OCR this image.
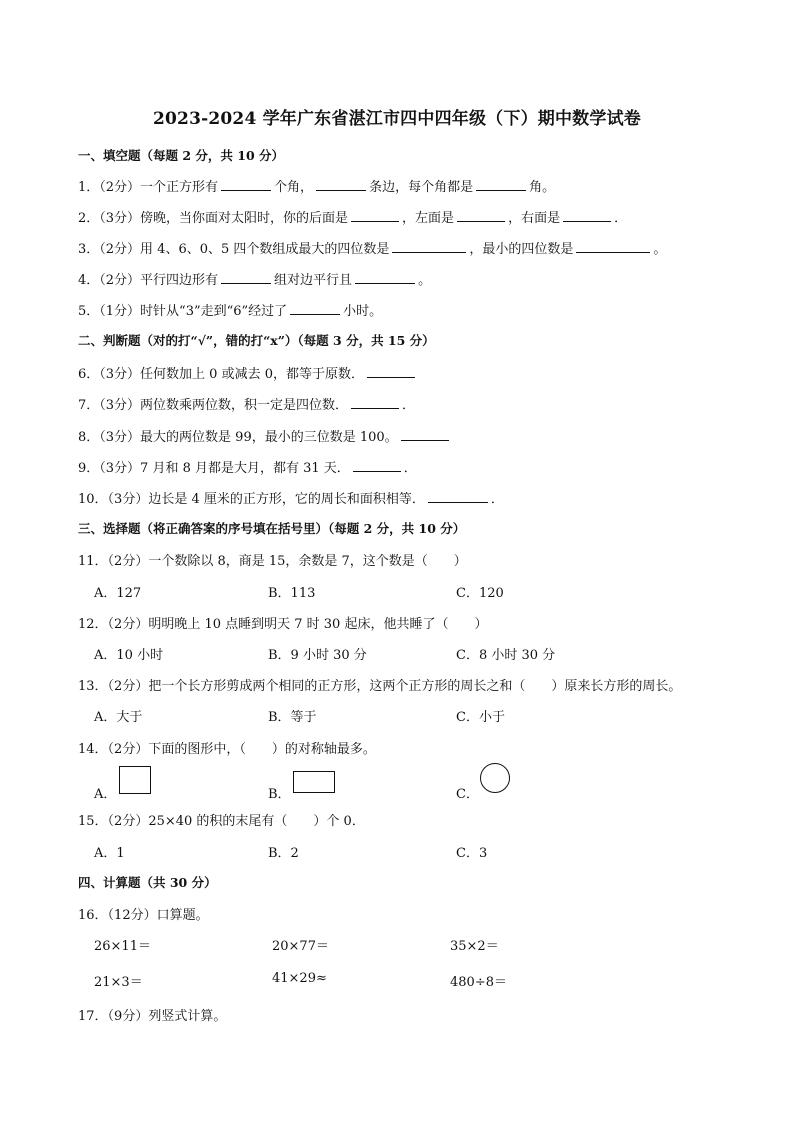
2023-2024 学年广东省湛江市四中四年级（下）期中数学试卷
一、填空题（每题 2 分，共 10 分）
1．（2分）一个正方形有	个角，	条边，每个角都是	角。
2．（3分）傍晚，当你面对太阳时，你的后面是	，左面是	，右面是	．
3．（2分）用 4、6、0、5 四个数组成最大的四位数是	，最小的四位数是	。
4．（2分）平行四边形有	组对边平行且	。
5．（1分）时针从“3”走到“6”经过了	小时。
二、判断题（对的打“√”，错的打“x”）（每题 3 分，共 15 分）
6．（3分）任何数加上 0 或减去 0，都等于原数．
7．（3分）两位数乘两位数，积一定是四位数．	．
8．（3分）最大的两位数是 99，最小的三位数是 100。
9．（3分）7 月和 8 月都是大月，都有 31 天．	．
10．（3分）边长是 4 厘米的正方形，它的周长和面积相等．	．
三、选择题（将正确答案的序号填在括号里）（每题 2 分，共 10 分）
11．（2分）一个数除以 8，商是 15，余数是 7，这个数是（　　）
A．127	B．113	C．120
12．（2分）明明晚上 10 点睡到明天 7 时 30 起床，他共睡了（　　）
A．10 小时	B．9 小时 30 分	C．8 小时 30 分
13．（2分）把一个长方形剪成两个相同的正方形，这两个正方形的周长之和（　　）原来长方形的周长。
A．大于	B．等于	C．小于
14．（2分）下面的图形中，（　　）的对称轴最多。
A．	B．	C．
15．（2分）25×40 的积的末尾有（　　）个 0．
A．1	B．2	C．3
四、计算题（共 30 分）
16．（12分）口算题。
26×11＝	20×77＝	35×2＝
21×3＝	41×29≈	480÷8＝
17．（9分）列竖式计算。
